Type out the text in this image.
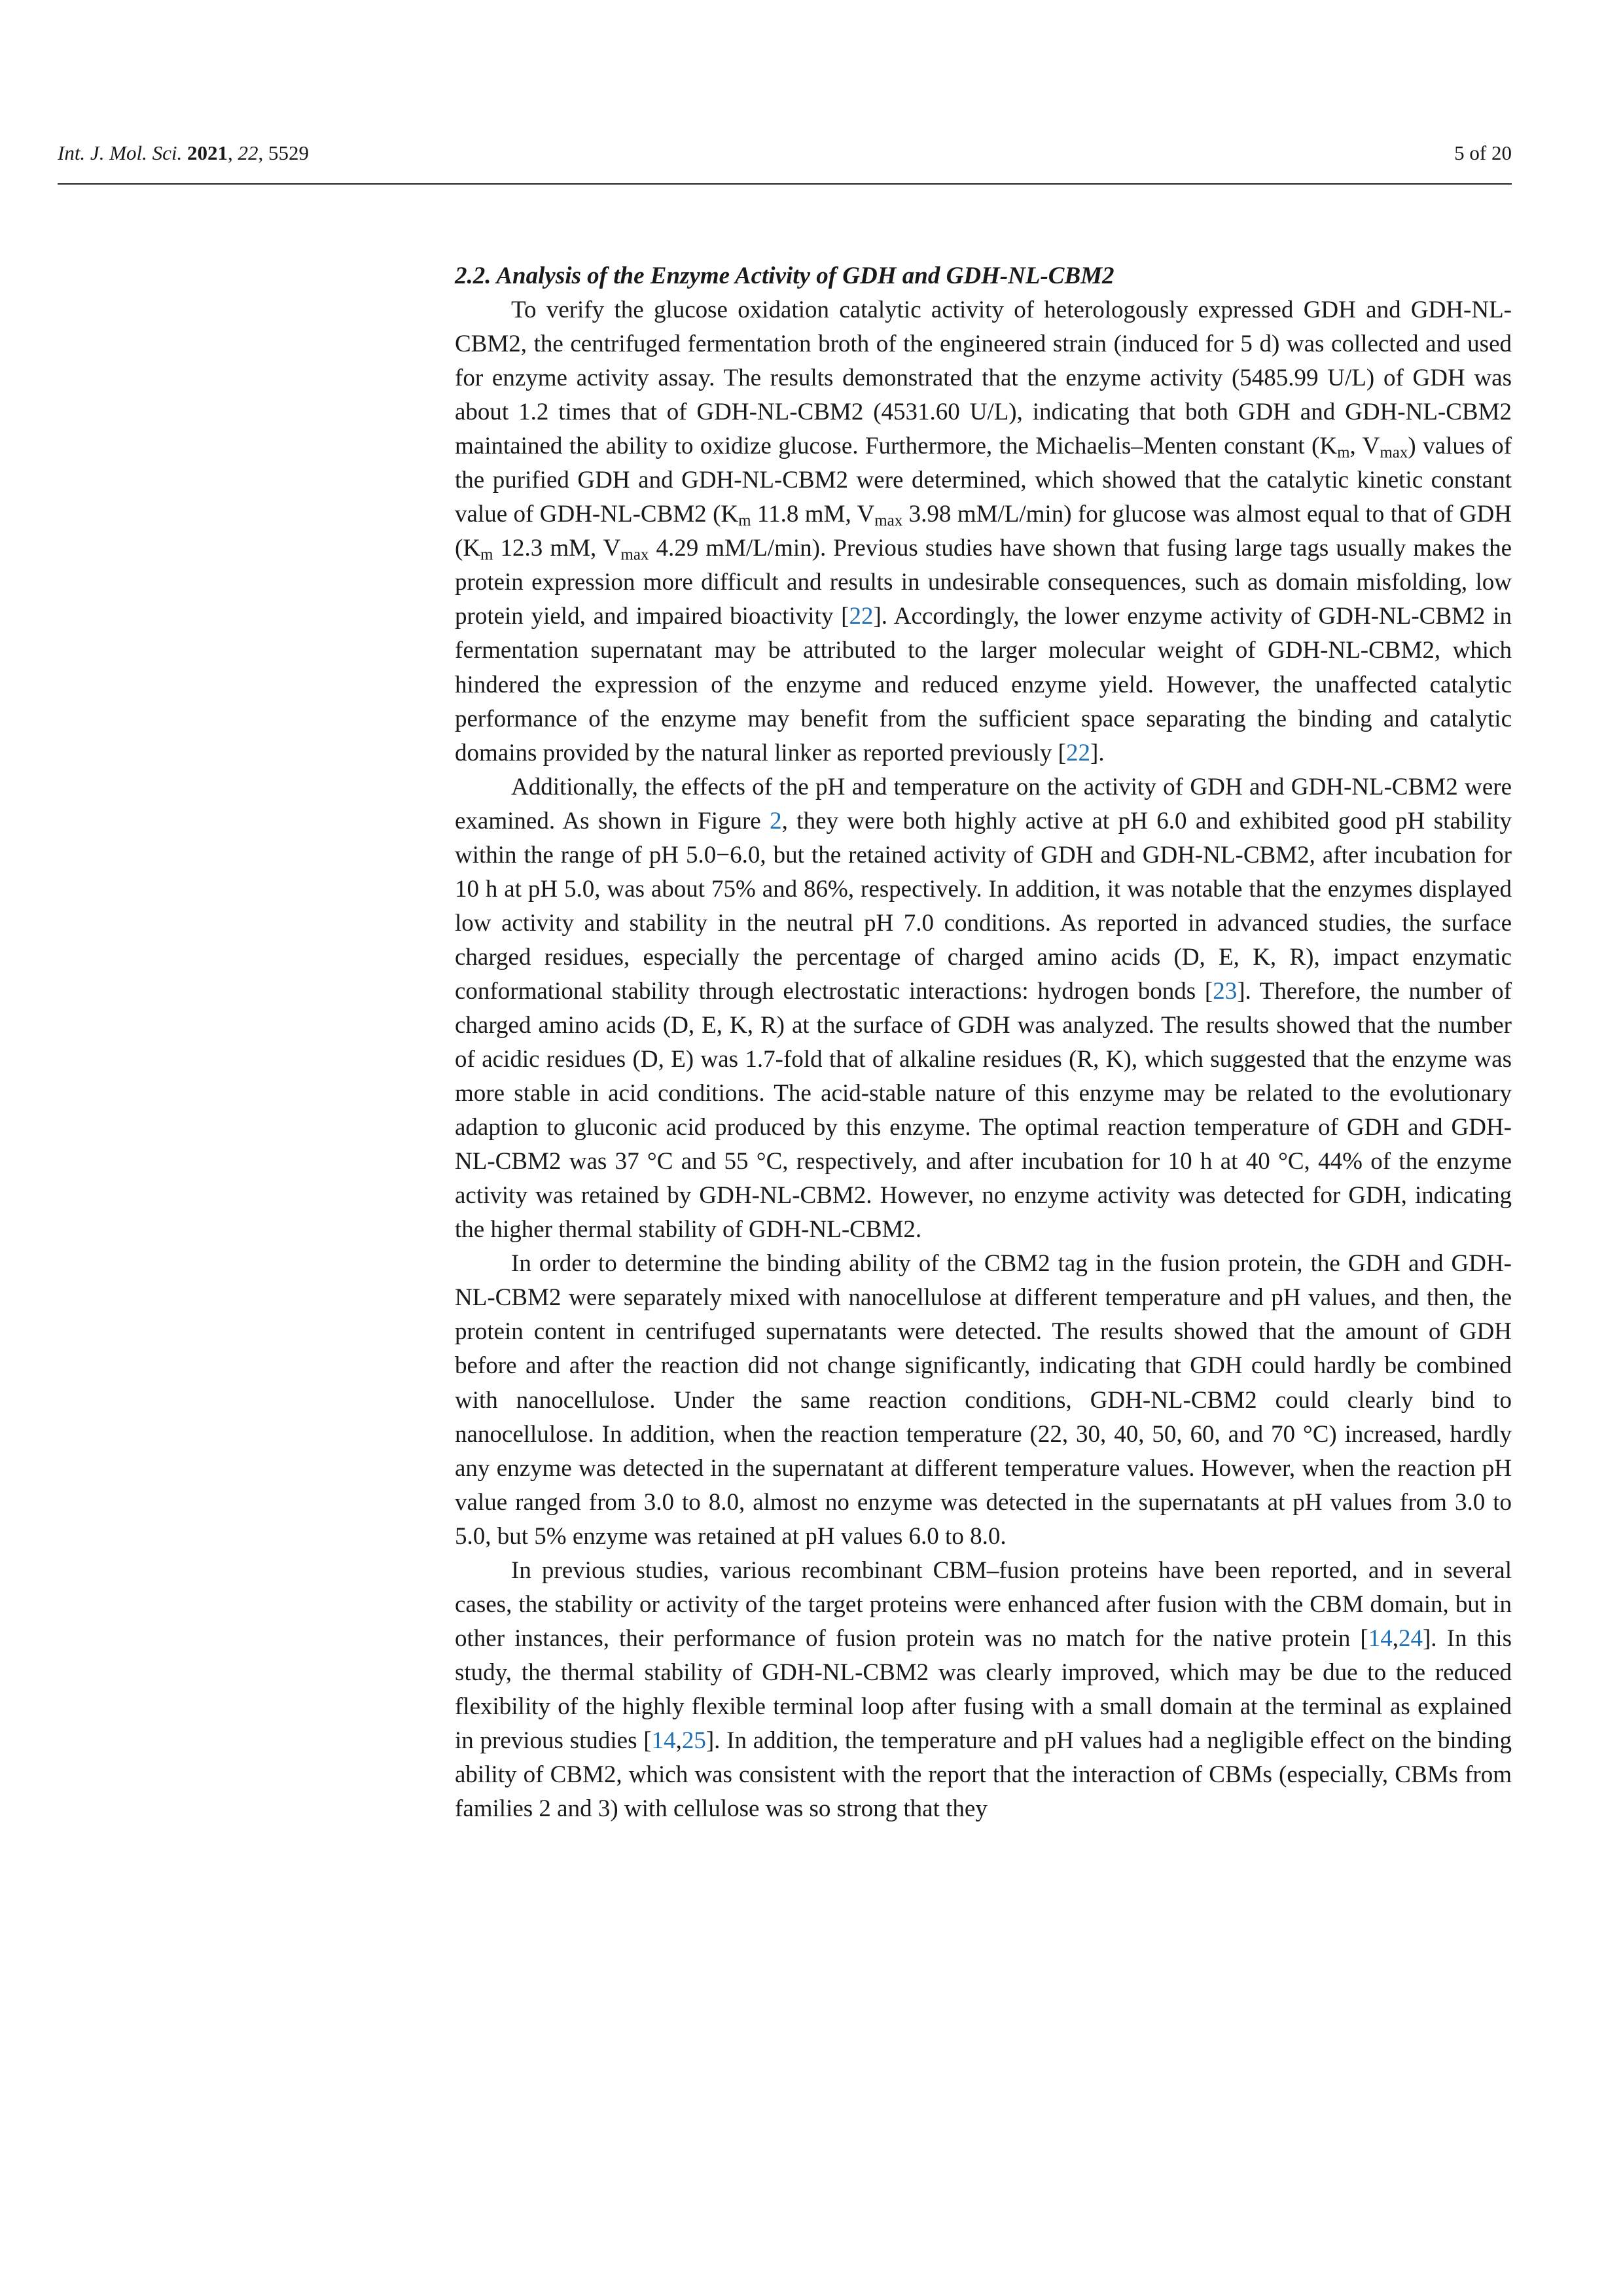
Int. J. Mol. Sci. 2021, 22, 5529	5 of 20
2.2. Analysis of the Enzyme Activity of GDH and GDH-NL-CBM2

To verify the glucose oxidation catalytic activity of heterologously expressed GDH and GDH-NL-CBM2, the centrifuged fermentation broth of the engineered strain (induced for 5 d) was collected and used for enzyme activity assay. The results demonstrated that the enzyme activity (5485.99 U/L) of GDH was about 1.2 times that of GDH-NL-CBM2 (4531.60 U/L), indicating that both GDH and GDH-NL-CBM2 maintained the ability to oxidize glucose. Furthermore, the Michaelis–Menten constant ($K_m$, $V_{max}$) values of the purified GDH and GDH-NL-CBM2 were determined, which showed that the catalytic kinetic constant value of GDH-NL-CBM2 ($K_m$ 11.8 mM, $V_{max}$ 3.98 mM/L/min) for glucose was almost equal to that of GDH ($K_m$ 12.3 mM, $V_{max}$ 4.29 mM/L/min). Previous studies have shown that fusing large tags usually makes the protein expression more difficult and results in undesirable consequences, such as domain misfolding, low protein yield, and impaired bioactivity [22]. Accordingly, the lower enzyme activity of GDH-NL-CBM2 in fermentation supernatant may be attributed to the larger molecular weight of GDH-NL-CBM2, which hindered the expression of the enzyme and reduced enzyme yield. However, the unaffected catalytic performance of the enzyme may benefit from the sufficient space separating the binding and catalytic domains provided by the natural linker as reported previously [22].

Additionally, the effects of the pH and temperature on the activity of GDH and GDH-NL-CBM2 were examined. As shown in Figure 2, they were both highly active at pH 6.0 and exhibited good pH stability within the range of pH 5.0−6.0, but the retained activity of GDH and GDH-NL-CBM2, after incubation for 10 h at pH 5.0, was about 75% and 86%, respectively. In addition, it was notable that the enzymes displayed low activity and stability in the neutral pH 7.0 conditions. As reported in advanced studies, the surface charged residues, especially the percentage of charged amino acids (D, E, K, R), impact enzymatic conformational stability through electrostatic interactions: hydrogen bonds [23]. Therefore, the number of charged amino acids (D, E, K, R) at the surface of GDH was analyzed. The results showed that the number of acidic residues (D, E) was 1.7-fold that of alkaline residues (R, K), which suggested that the enzyme was more stable in acid conditions. The acid-stable nature of this enzyme may be related to the evolutionary adaption to gluconic acid produced by this enzyme. The optimal reaction temperature of GDH and GDH-NL-CBM2 was 37 °C and 55 °C, respectively, and after incubation for 10 h at 40 °C, 44% of the enzyme activity was retained by GDH-NL-CBM2. However, no enzyme activity was detected for GDH, indicating the higher thermal stability of GDH-NL-CBM2.

In order to determine the binding ability of the CBM2 tag in the fusion protein, the GDH and GDH-NL-CBM2 were separately mixed with nanocellulose at different temperature and pH values, and then, the protein content in centrifuged supernatants were detected. The results showed that the amount of GDH before and after the reaction did not change significantly, indicating that GDH could hardly be combined with nanocellulose. Under the same reaction conditions, GDH-NL-CBM2 could clearly bind to nanocellulose. In addition, when the reaction temperature (22, 30, 40, 50, 60, and 70 °C) increased, hardly any enzyme was detected in the supernatant at different temperature values. However, when the reaction pH value ranged from 3.0 to 8.0, almost no enzyme was detected in the supernatants at pH values from 3.0 to 5.0, but 5% enzyme was retained at pH values 6.0 to 8.0.

In previous studies, various recombinant CBM–fusion proteins have been reported, and in several cases, the stability or activity of the target proteins were enhanced after fusion with the CBM domain, but in other instances, their performance of fusion protein was no match for the native protein [14,24]. In this study, the thermal stability of GDH-NL-CBM2 was clearly improved, which may be due to the reduced flexibility of the highly flexible terminal loop after fusing with a small domain at the terminal as explained in previous studies [14,25]. In addition, the temperature and pH values had a negligible effect on the binding ability of CBM2, which was consistent with the report that the interaction of CBMs (especially, CBMs from families 2 and 3) with cellulose was so strong that they
